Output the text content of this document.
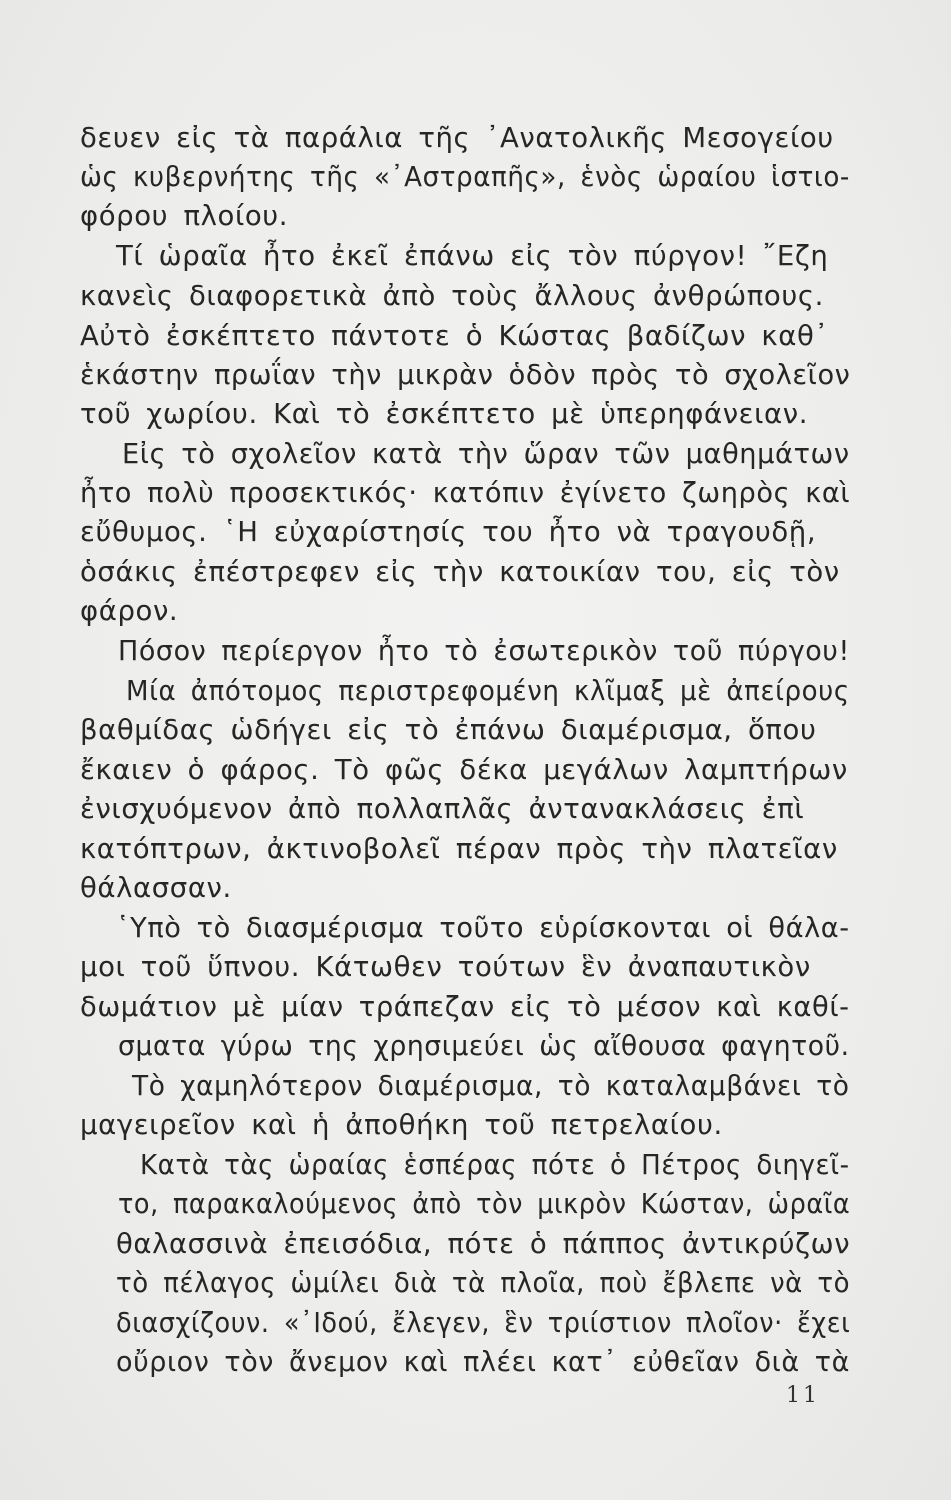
δευεν εἰς τὰ παράλια τῆς ᾿Ανατολικῆς Μεσογείου
ὡς κυβερνήτης τῆς «᾿Αστραπῆς», ἑνὸς ὡραίου ἱστιο-
φόρου πλοίου.
Τί ὡραῖα ἦτο ἐκεῖ ἐπάνω εἰς τὸν πύργον! ῎Εζη
κανεὶς διαφορετικὰ ἀπὸ τοὺς ἄλλους ἀνθρώπους.
Αὐτὸ ἐσκέπτετο πάντοτε ὁ Κώστας βαδίζων καθ᾿
ἑκάστην πρωΐαν τὴν μικρὰν ὁδὸν πρὸς τὸ σχολεῖον
τοῦ χωρίου. Καὶ τὸ ἐσκέπτετο μὲ ὑπερηφάνειαν.
Εἰς τὸ σχολεῖον κατὰ τὴν ὥραν τῶν μαθημάτων
ἦτο πολὺ προσεκτικός· κατόπιν ἐγίνετο ζωηρὸς καὶ
εὔθυμος. ῾Η εὐχαρίστησίς του ἦτο νὰ τραγουδῇ,
ὁσάκις ἐπέστρεφεν εἰς τὴν κατοικίαν του, εἰς τὸν
φάρον.
Πόσον περίεργον ἦτο τὸ ἐσωτερικὸν τοῦ πύργου!
Μία ἀπότομος περιστρεφομένη κλῖμαξ μὲ ἀπείρους
βαθμίδας ὡδήγει εἰς τὸ ἐπάνω διαμέρισμα, ὅπου
ἔκαιεν ὁ φάρος. Τὸ φῶς δέκα μεγάλων λαμπτήρων
ἐνισχυόμενον ἀπὸ πολλαπλᾶς ἀντανακλάσεις ἐπὶ
κατόπτρων, ἀκτινοβολεῖ πέραν πρὸς τὴν πλατεῖαν
θάλασσαν.
῾Υπὸ τὸ διασμέρισμα τοῦτο εὑρίσκονται οἱ θάλα-
μοι τοῦ ὕπνου. Κάτωθεν τούτων ἓν ἀναπαυτικὸν
δωμάτιον μὲ μίαν τράπεζαν εἰς τὸ μέσον καὶ καθί-
σματα γύρω της χρησιμεύει ὡς αἴθουσα φαγητοῦ.
Τὸ χαμηλότερον διαμέρισμα, τὸ καταλαμβάνει τὸ
μαγειρεῖον καὶ ἡ ἀποθήκη τοῦ πετρελαίου.
Κατὰ τὰς ὡραίας ἑσπέρας πότε ὁ Πέτρος διηγεῖ-
το, παρακαλούμενος ἀπὸ τὸν μικρὸν Κώσταν, ὡραῖα
θαλασσινὰ ἐπεισόδια, πότε ὁ πάππος ἀντικρύζων
τὸ πέλαγος ὡμίλει διὰ τὰ πλοῖα, ποὺ ἔβλεπε νὰ τὸ
διασχίζουν. «᾿Ιδού, ἔλεγεν, ἓν τριίστιον πλοῖον· ἔχει
οὔριον τὸν ἄνεμον καὶ πλέει κατ᾿ εὐθεῖαν διὰ τὰ
11
